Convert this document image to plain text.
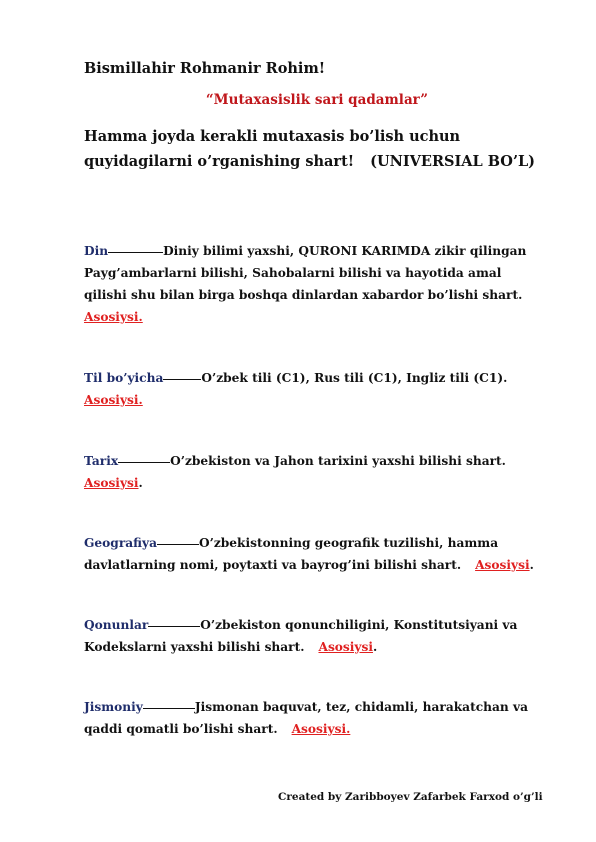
Bismillahir Rohmanir Rohim!
“Mutaxasislik sari qadamlar”
Hamma joyda kerakli mutaxasis bo’lish uchun
quyidagilarni o’rganishing shart! (UNIVERSIAL BO’L)
Din	Diniy bilimi yaxshi, QURONI KARIMDA zikir qilingan
Payg’ambarlarni bilishi, Sahobalarni bilishi va hayotida amal
qilishi shu bilan birga boshqa dinlardan xabardor bo’lishi shart.
Asosiysi.
Til bo’yicha	O’zbek tili (C1), Rus tili (C1), Ingliz tili (C1).
Asosiysi.
Tarix	O’zbekiston va Jahon tarixini yaxshi bilishi shart.
Asosiysi.
Geografiya	O’zbekistonning geografik tuzilishi, hamma
davlatlarning nomi, poytaxti va bayrog’ini bilishi shart. Asosiysi.
Qonunlar	O’zbekiston qonunchiligini, Konstitutsiyani va
Kodekslarni yaxshi bilishi shart. Asosiysi.
Jismoniy	Jismonan baquvat, tez, chidamli, harakatchan va
qaddi qomatli bo’lishi shart. Asosiysi.
Created by Zaribboyev Zafarbek Farxod o’g’li
